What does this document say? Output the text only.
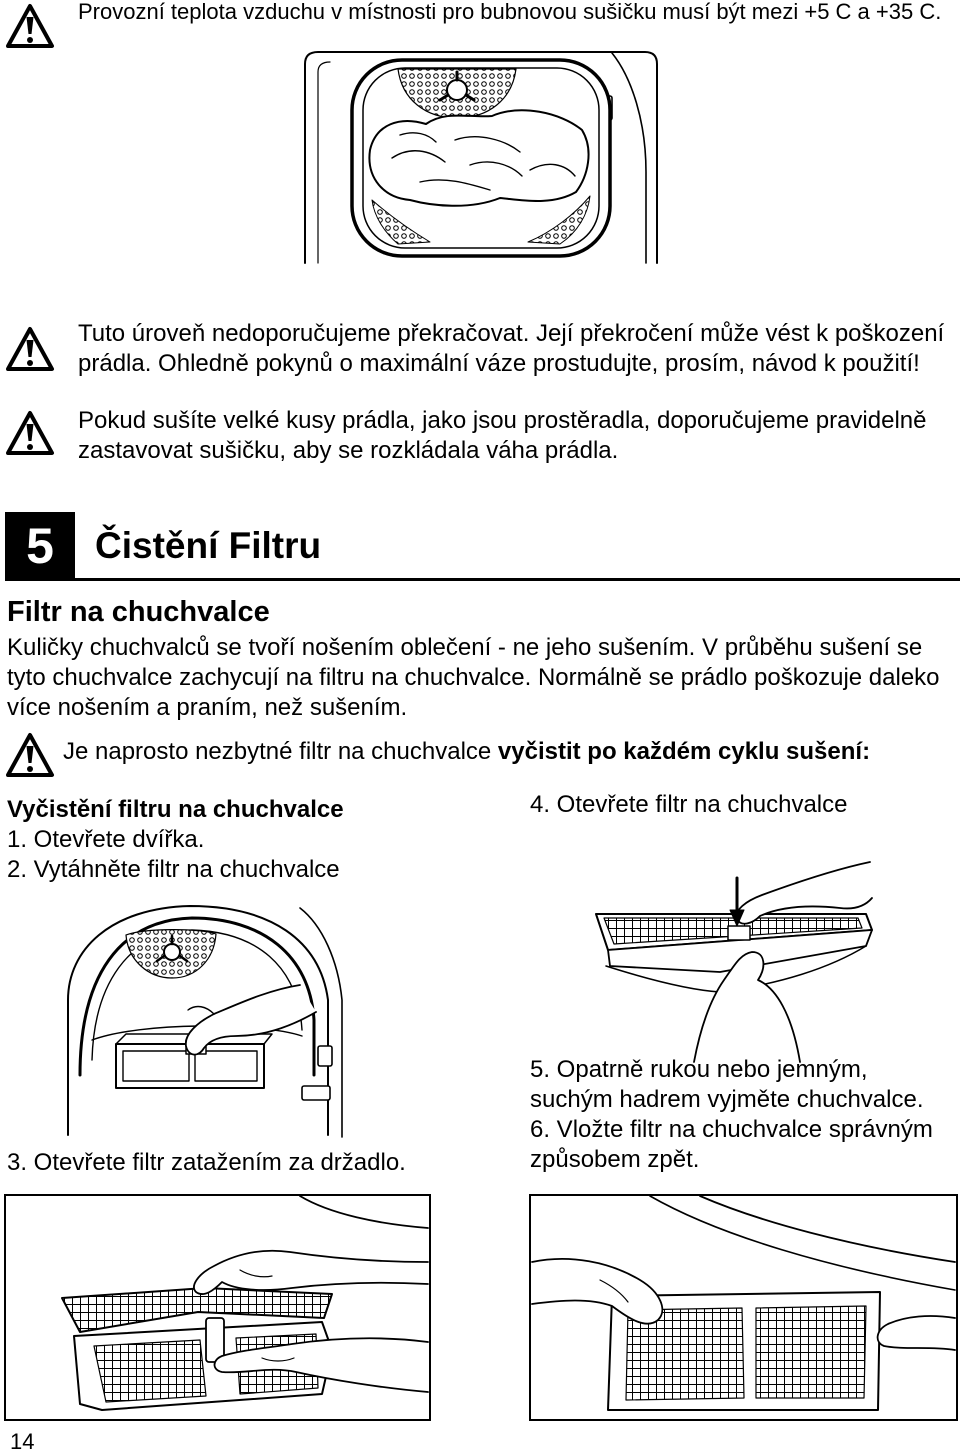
Provozní teplota vzduchu v místnosti pro bubnovou sušičku musí být mezi +5 C a +35 C.
Tuto úroveň nedoporučujeme překračovat. Její překročení může vést k poškození
prádla. Ohledně pokynů o maximální váze prostudujte, prosím, návod k použití!
Pokud sušíte velké kusy prádla, jako jsou prostěradla, doporučujeme pravidelně
zastavovat sušičku, aby se rozkládala váha prádla.
5	Čistění Filtru
Filtr na chuchvalce
Kuličky chuchvalců se tvoří nošením oblečení - ne jeho sušením. V průběhu sušení se
tyto chuchvalce zachycují na filtru na chuchvalce. Normálně se prádlo poškozuje daleko
více nošením a praním, než sušením.
Je naprosto nezbytné filtr na chuchvalce vyčistit po každém cyklu sušení:
Vyčistění filtru na chuchvalce
1. Otevřete dvířka.
2. Vytáhněte filtr na chuchvalce
4. Otevřete filtr na chuchvalce
5. Opatrně rukou nebo jemným,
suchým hadrem vyjměte chuchvalce.
6. Vložte filtr na chuchvalce správným
způsobem zpět.
3. Otevřete filtr zatažením za držadlo.
14
